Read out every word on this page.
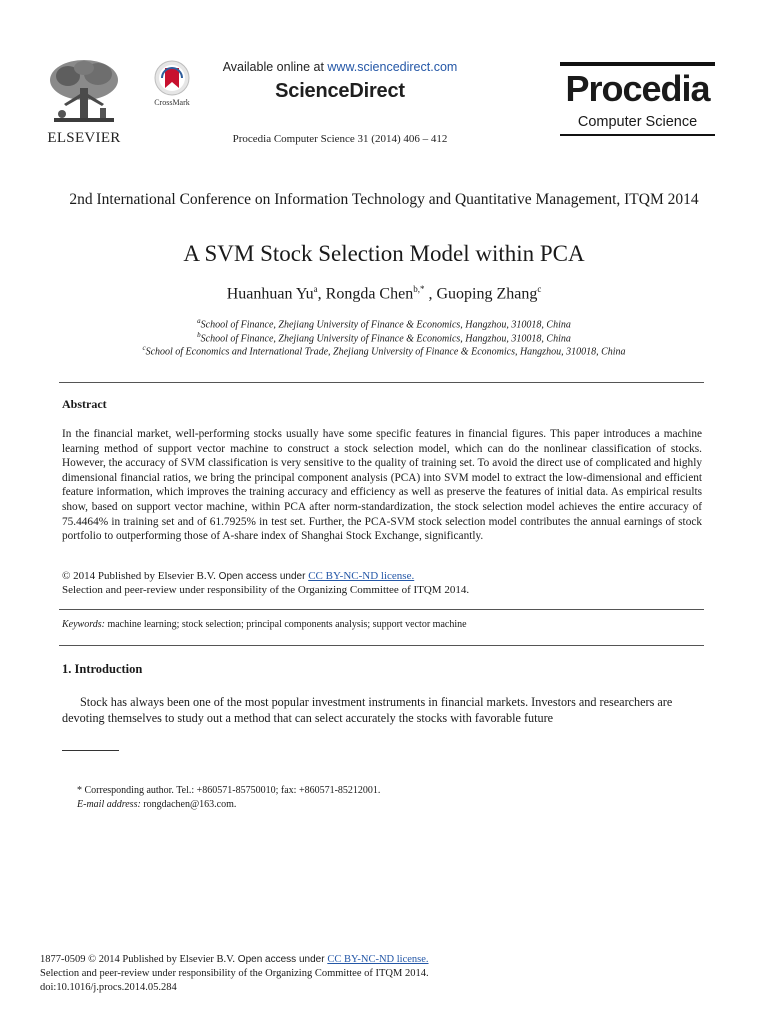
ELSEVIER
CrossMark
Available online at www.sciencedirect.com
ScienceDirect
Procedia Computer Science 31 (2014) 406 – 412
Procedia
Computer Science
2nd International Conference on Information Technology and Quantitative Management, ITQM 2014
A SVM Stock Selection Model within PCA
Huanhuan Yu$^a$, Rongda Chen$^{b,*}$ , Guoping Zhang$^c$
$^a$School of Finance, Zhejiang University of Finance & Economics, Hangzhou, 310018, China
$^b$School of Finance, Zhejiang University of Finance & Economics, Hangzhou, 310018, China
$^c$School of Economics and International Trade, Zhejiang University of Finance & Economics, Hangzhou, 310018, China
Abstract
In the financial market, well-performing stocks usually have some specific features in financial figures. This paper introduces a machine learning method of support vector machine to construct a stock selection model, which can do the nonlinear classification of stocks. However, the accuracy of SVM classification is very sensitive to the quality of training set. To avoid the direct use of complicated and highly dimensional financial ratios, we bring the principal component analysis (PCA) into SVM model to extract the low-dimensional and efficient feature information, which improves the training accuracy and efficiency as well as preserve the features of initial data. As empirical results show, based on support vector machine, within PCA after norm-standardization, the stock selection model achieves the entire accuracy of 75.4464% in training set and of 61.7925% in test set. Further, the PCA-SVM stock selection model contributes the annual earnings of stock portfolio to outperforming those of A-share index of Shanghai Stock Exchange, significantly.
© 2014 Published by Elsevier B.V. Open access under CC BY-NC-ND license.
Selection and peer-review under responsibility of the Organizing Committee of ITQM 2014.
Keywords: machine learning; stock selection; principal components analysis; support vector machine
1. Introduction
Stock has always been one of the most popular investment instruments in financial markets. Investors and researchers are devoting themselves to study out a method that can select accurately the stocks with favorable future
* Corresponding author. Tel.: +860571-85750010; fax: +860571-85212001.
E-mail address: rongdachen@163.com.
1877-0509 © 2014 Published by Elsevier B.V. Open access under CC BY-NC-ND license.
Selection and peer-review under responsibility of the Organizing Committee of ITQM 2014.
doi:10.1016/j.procs.2014.05.284
